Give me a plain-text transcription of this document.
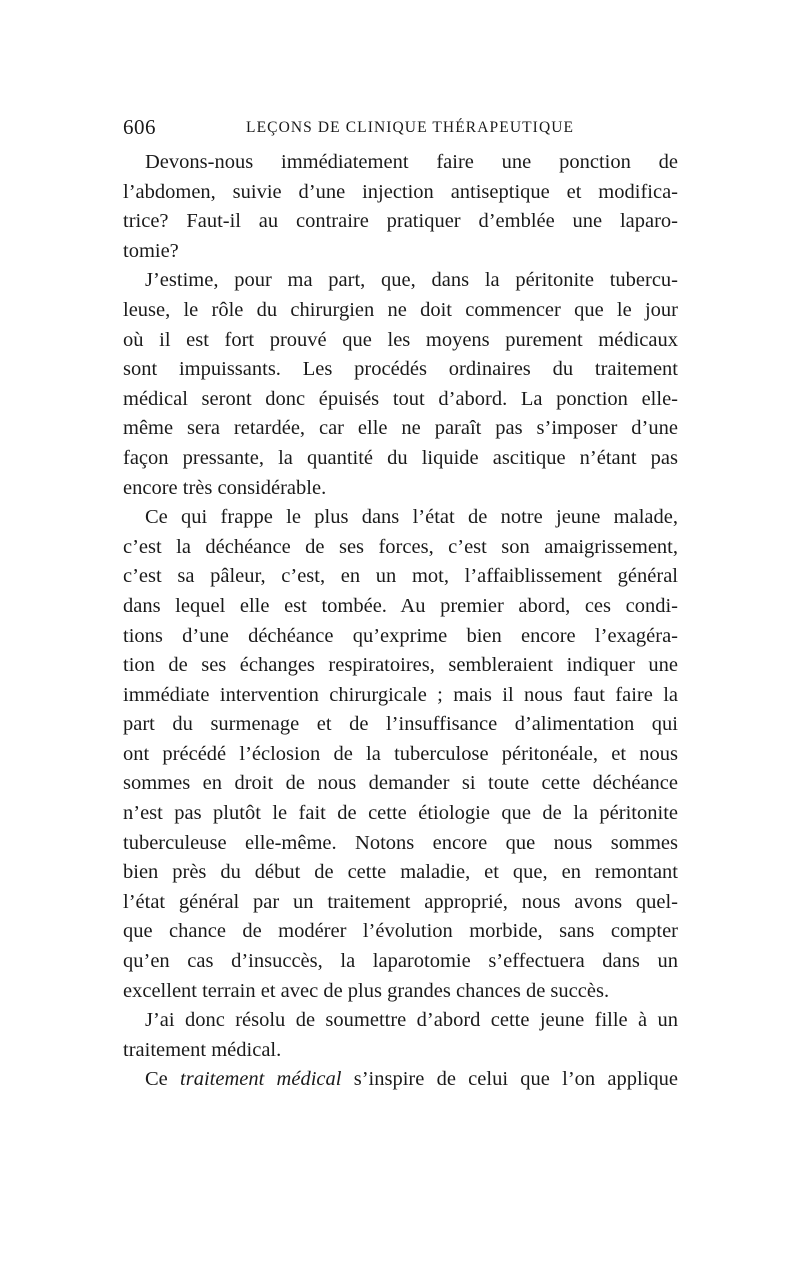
606	LEÇONS DE CLINIQUE THÉRAPEUTIQUE
Devons-nous immédiatement faire une ponction de
l’abdomen, suivie d’une injection antiseptique et modifica-
trice? Faut-il au contraire pratiquer d’emblée une laparo-
tomie?
J’estime, pour ma part, que, dans la péritonite tubercu-
leuse, le rôle du chirurgien ne doit commencer que le jour
où il est fort prouvé que les moyens purement médicaux
sont impuissants. Les procédés ordinaires du traitement
médical seront donc épuisés tout d’abord. La ponction elle-
même sera retardée, car elle ne paraît pas s’imposer d’une
façon pressante, la quantité du liquide ascitique n’étant pas
encore très considérable.
Ce qui frappe le plus dans l’état de notre jeune malade,
c’est la déchéance de ses forces, c’est son amaigrissement,
c’est sa pâleur, c’est, en un mot, l’affaiblissement général
dans lequel elle est tombée. Au premier abord, ces condi-
tions d’une déchéance qu’exprime bien encore l’exagéra-
tion de ses échanges respiratoires, sembleraient indiquer une
immédiate intervention chirurgicale ; mais il nous faut faire la
part du surmenage et de l’insuffisance d’alimentation qui
ont précédé l’éclosion de la tuberculose péritonéale, et nous
sommes en droit de nous demander si toute cette déchéance
n’est pas plutôt le fait de cette étiologie que de la péritonite
tuberculeuse elle-même. Notons encore que nous sommes
bien près du début de cette maladie, et que, en remontant
l’état général par un traitement approprié, nous avons quel-
que chance de modérer l’évolution morbide, sans compter
qu’en cas d’insuccès, la laparotomie s’effectuera dans un
excellent terrain et avec de plus grandes chances de succès.
J’ai donc résolu de soumettre d’abord cette jeune fille à un
traitement médical.
Ce traitement médical s’inspire de celui que l’on applique
